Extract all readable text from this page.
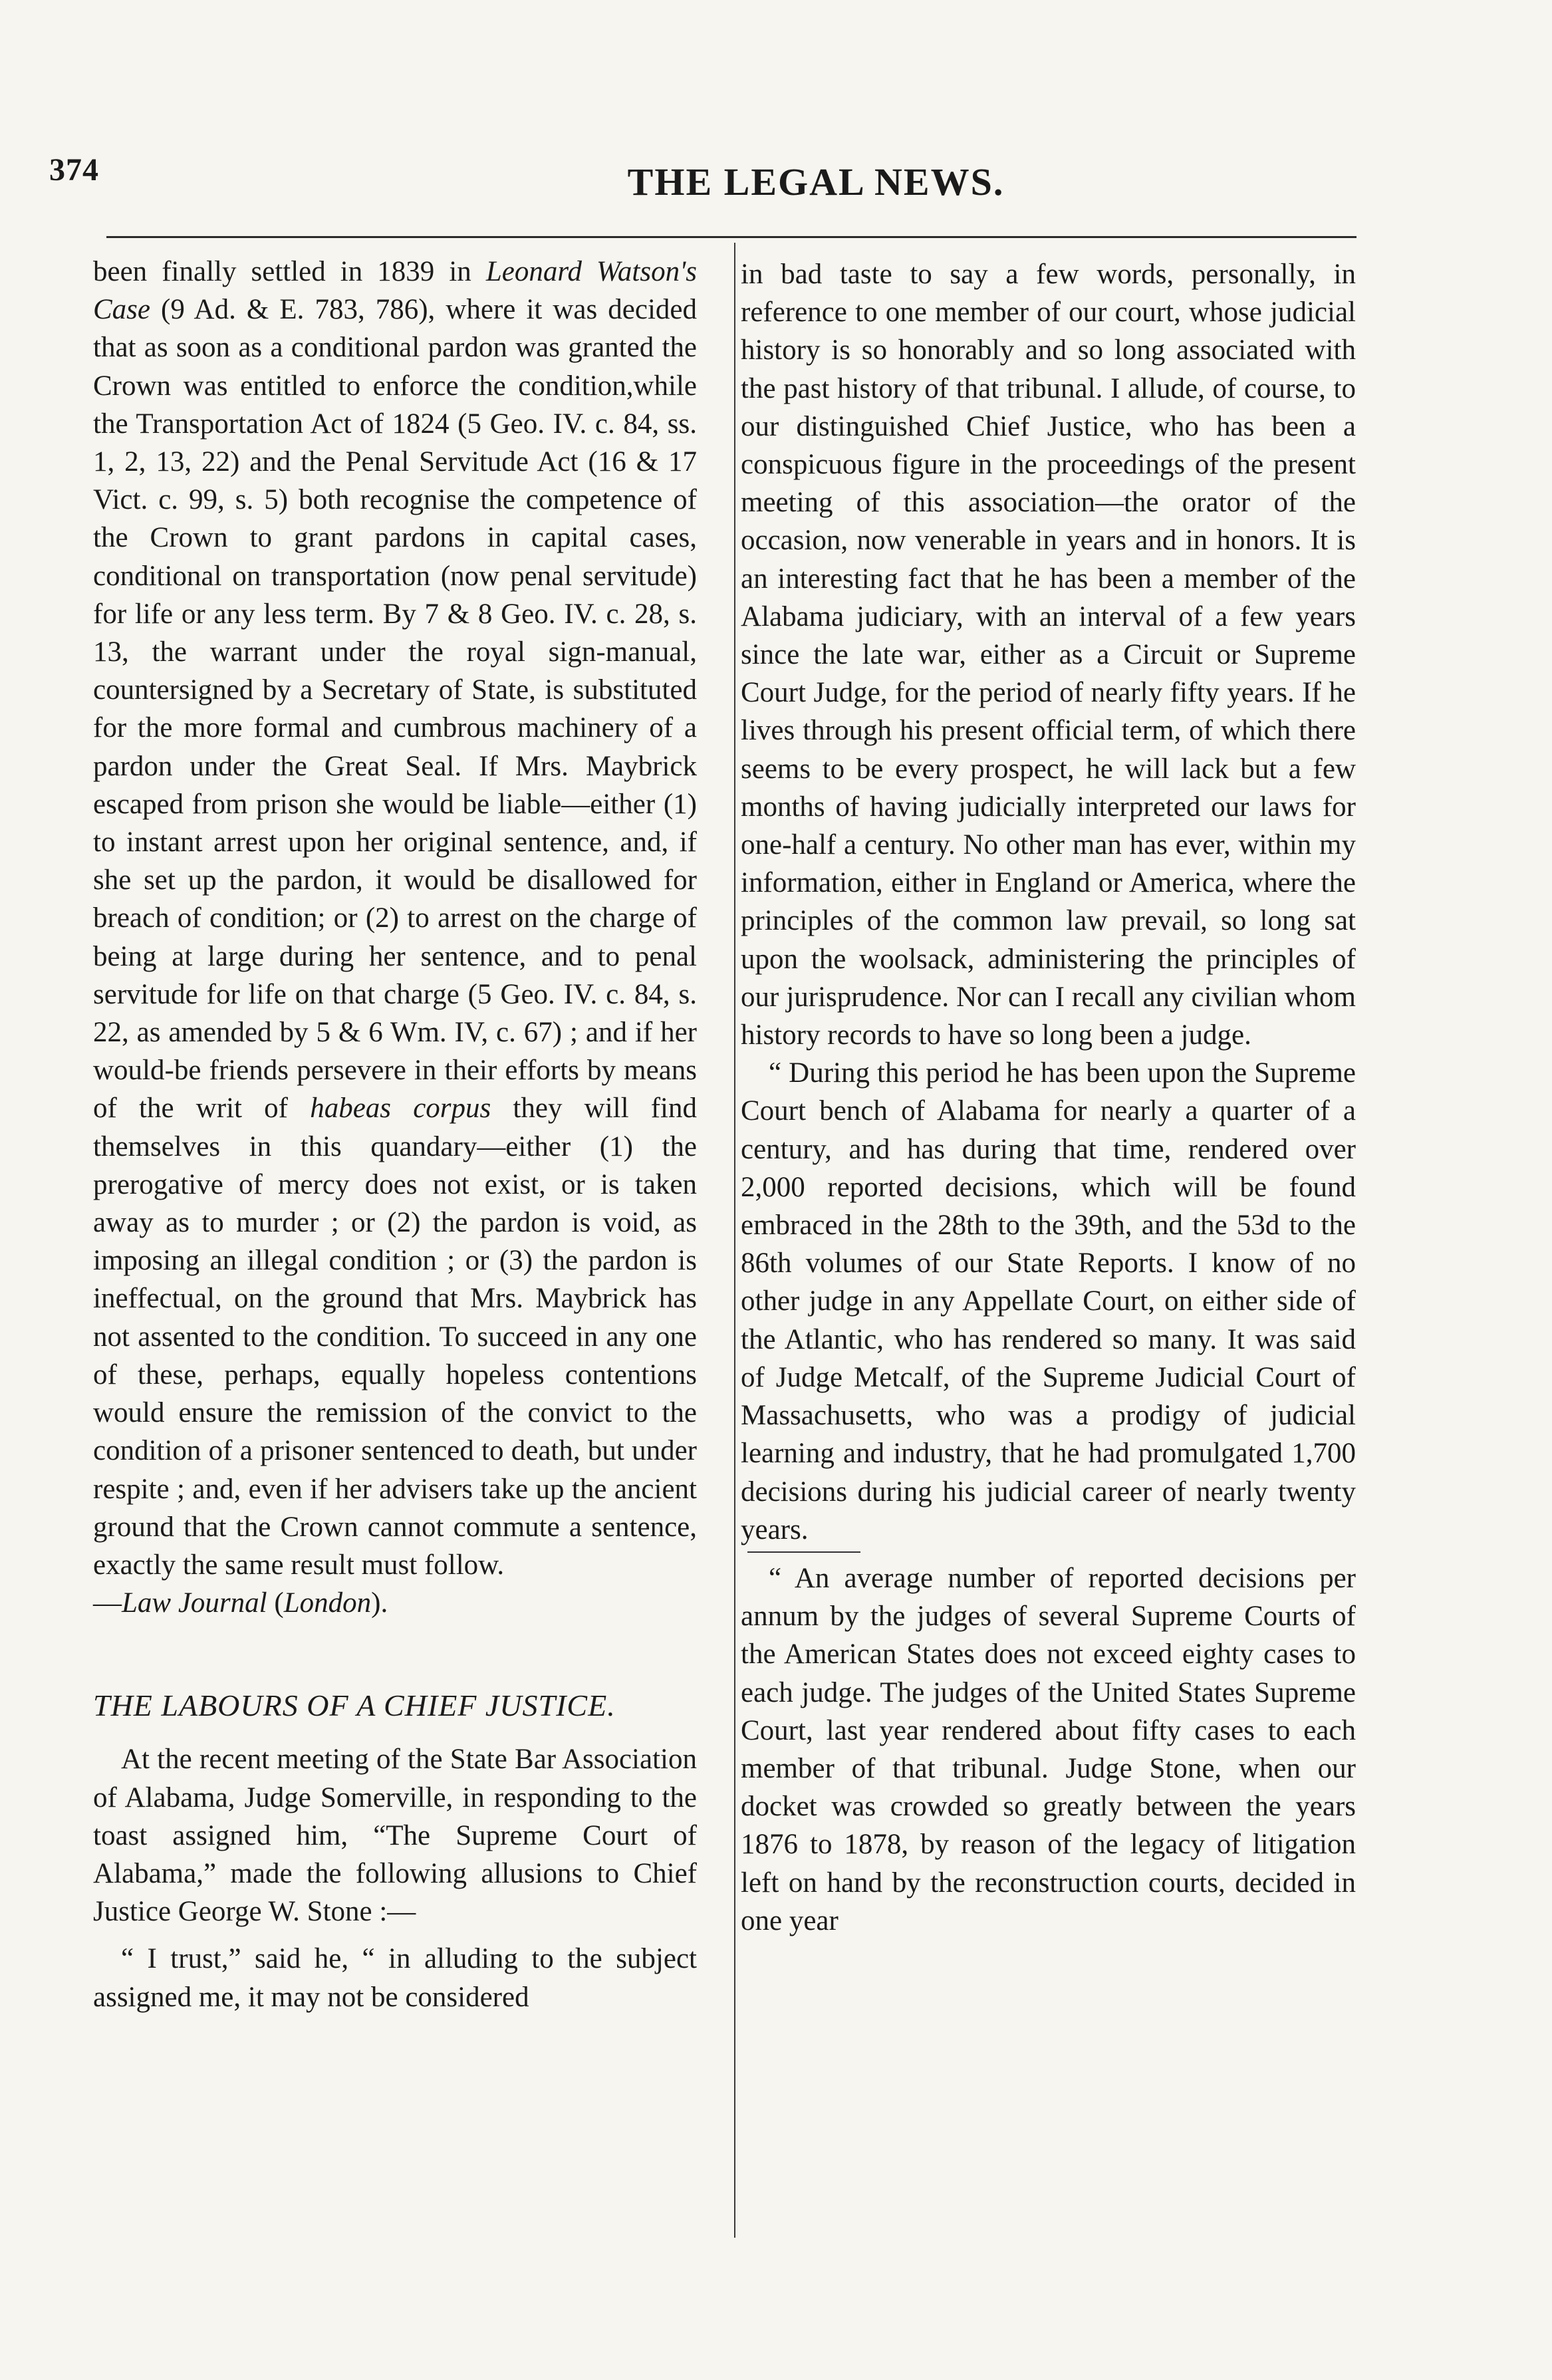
374	THE LEGAL NEWS.

been finally settled in 1839 in Leonard Watson's Case (9 Ad. & E. 783, 786), where it was decided that as soon as a conditional pardon was granted the Crown was entitled to enforce the condition,while the Transportation Act of 1824 (5 Geo. IV. c. 84, ss. 1, 2, 13, 22) and the Penal Servitude Act (16 & 17 Vict. c. 99, s. 5) both recognise the competence of the Crown to grant pardons in capital cases, conditional on transportation (now penal servitude) for life or any less term. By 7 & 8 Geo. IV. c. 28, s. 13, the warrant under the royal sign-manual, countersigned by a Secretary of State, is substituted for the more formal and cumbrous machinery of a pardon under the Great Seal. If Mrs. Maybrick escaped from prison she would be liable—either (1) to instant arrest upon her original sentence, and, if she set up the pardon, it would be disallowed for breach of condition; or (2) to arrest on the charge of being at large during her sentence, and to penal servitude for life on that charge (5 Geo. IV. c. 84, s. 22, as amended by 5 & 6 Wm. IV, c. 67) ; and if her would-be friends persevere in their efforts by means of the writ of habeas corpus they will find themselves in this quandary—either (1) the prerogative of mercy does not exist, or is taken away as to murder ; or (2) the pardon is void, as imposing an illegal condition ; or (3) the pardon is ineffectual, on the ground that Mrs. Maybrick has not assented to the condition. To succeed in any one of these, perhaps, equally hopeless contentions would ensure the remission of the convict to the condition of a prisoner sentenced to death, but under respite ; and, even if her advisers take up the ancient ground that the Crown cannot commute a sentence, exactly the same result must follow.

—Law Journal (London).

THE LABOURS OF A CHIEF JUSTICE.

At the recent meeting of the State Bar Association of Alabama, Judge Somerville, in responding to the toast assigned him, “The Supreme Court of Alabama,” made the following allusions to Chief Justice George W. Stone :—

“ I trust,” said he, “ in alluding to the subject assigned me, it may not be considered

in bad taste to say a few words, personally, in reference to one member of our court, whose judicial history is so honorably and so long associated with the past history of that tribunal. I allude, of course, to our distinguished Chief Justice, who has been a conspicuous figure in the proceedings of the present meeting of this association—the orator of the occasion, now venerable in years and in honors. It is an interesting fact that he has been a member of the Alabama judiciary, with an interval of a few years since the late war, either as a Circuit or Supreme Court Judge, for the period of nearly fifty years. If he lives through his present official term, of which there seems to be every prospect, he will lack but a few months of having judicially interpreted our laws for one-half a century. No other man has ever, within my information, either in England or America, where the principles of the common law prevail, so long sat upon the woolsack, administering the principles of our jurisprudence. Nor can I recall any civilian whom history records to have so long been a judge.

“ During this period he has been upon the Supreme Court bench of Alabama for nearly a quarter of a century, and has during that time, rendered over 2,000 reported decisions, which will be found embraced in the 28th to the 39th, and the 53d to the 86th volumes of our State Reports. I know of no other judge in any Appellate Court, on either side of the Atlantic, who has rendered so many. It was said of Judge Metcalf, of the Supreme Judicial Court of Massachusetts, who was a prodigy of judicial learning and industry, that he had promulgated 1,700 decisions during his judicial career of nearly twenty years.

“ An average number of reported decisions per annum by the judges of several Supreme Courts of the American States does not exceed eighty cases to each judge. The judges of the United States Supreme Court, last year rendered about fifty cases to each member of that tribunal. Judge Stone, when our docket was crowded so greatly between the years 1876 to 1878, by reason of the legacy of litigation left on hand by the reconstruction courts, decided in one year
